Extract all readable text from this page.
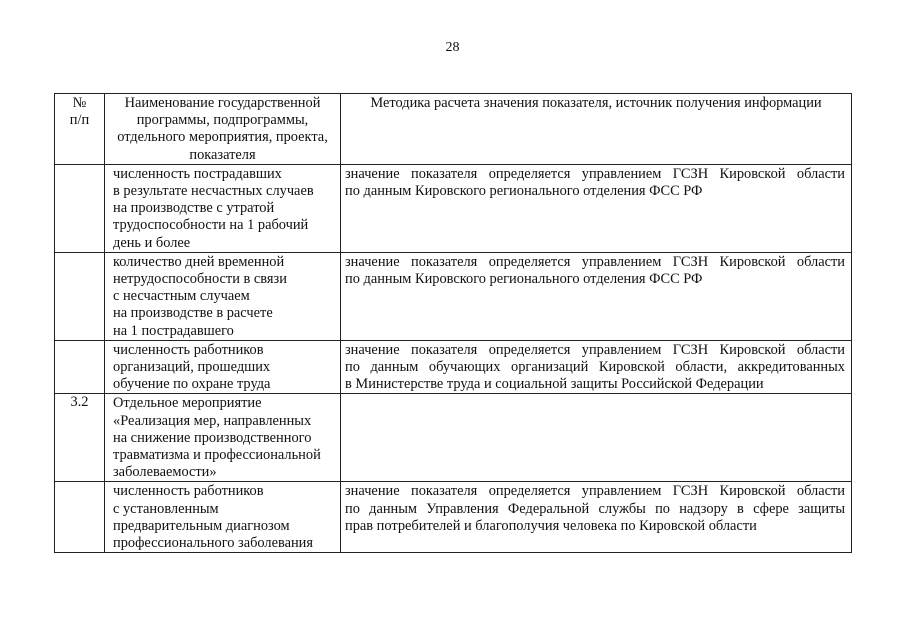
28
№
п/п	Наименование государственной
программы, подпрограммы,
отдельного мероприятия, проекта,
показателя	Методика расчета значения показателя, источник получения информации

	численность пострадавших
в результате несчастных случаев
на производстве с утратой
трудоспособности на 1 рабочий
день и более	значение показателя определяется управлением ГСЗН Кировской области
по данным Кировского регионального отделения ФСС РФ

	количество дней временной
нетрудоспособности в связи
с несчастным случаем
на производстве в расчете
на 1 пострадавшего	значение показателя определяется управлением ГСЗН Кировской области
по данным Кировского регионального отделения ФСС РФ

	численность работников
организаций, прошедших
обучение по охране труда	значение показателя определяется управлением ГСЗН Кировской области
по данным обучающих организаций Кировской области, аккредитованных
в Министерстве труда и социальной защиты Российской Федерации

3.2	Отдельное мероприятие
«Реализация мер, направленных
на снижение производственного
травматизма и профессиональной
заболеваемости»	

	численность работников
с установленным
предварительным диагнозом
профессионального заболевания	значение показателя определяется управлением ГСЗН Кировской области
по данным Управления Федеральной службы по надзору в сфере защиты
прав потребителей и благополучия человека по Кировской области
